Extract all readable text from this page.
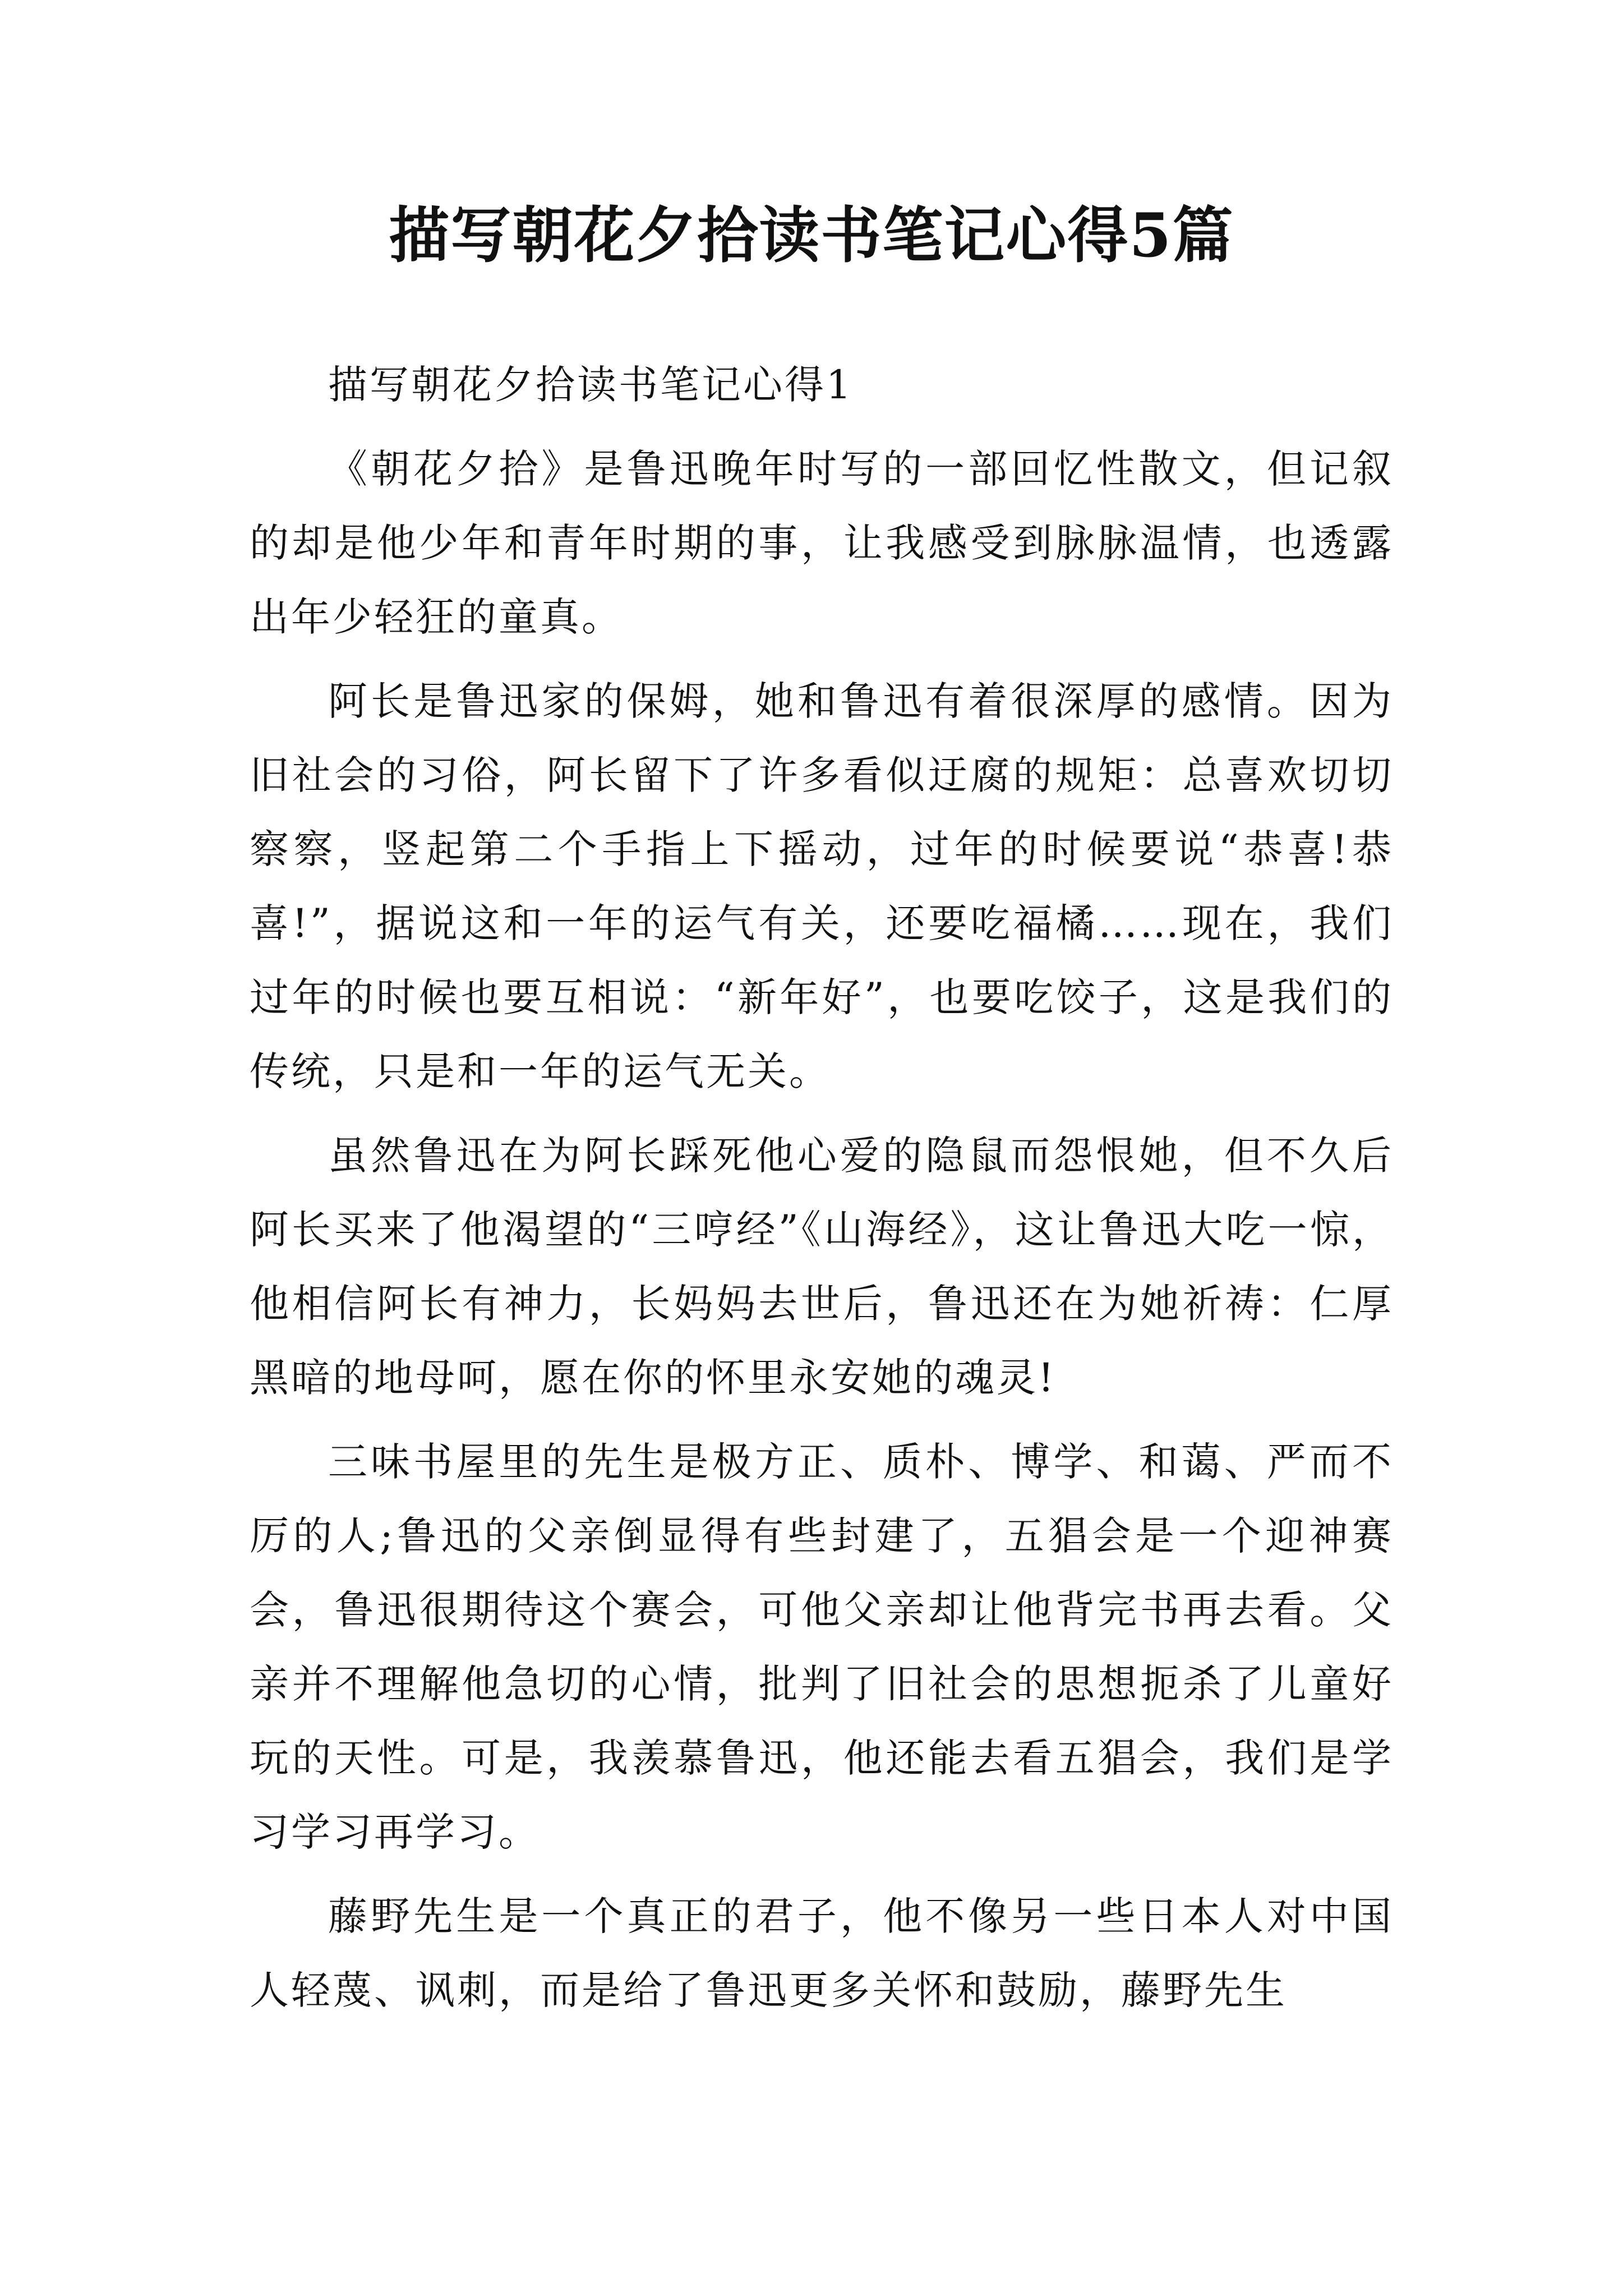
描写朝花夕拾读书笔记心得5篇

描写朝花夕拾读书笔记心得1

《朝花夕拾》是鲁迅晚年时写的一部回忆性散文，但记叙的却是他少年和青年时期的事，让我感受到脉脉温情，也透露出年少轻狂的童真。

阿长是鲁迅家的保姆，她和鲁迅有着很深厚的感情。因为旧社会的习俗，阿长留下了许多看似迂腐的规矩：总喜欢切切察察，竖起第二个手指上下摇动，过年的时候要说“恭喜!恭喜!”，据说这和一年的运气有关，还要吃福橘……现在，我们过年的时候也要互相说：“新年好”，也要吃饺子，这是我们的传统，只是和一年的运气无关。

虽然鲁迅在为阿长踩死他心爱的隐鼠而怨恨她，但不久后阿长买来了他渴望的“三哼经”《山海经》，这让鲁迅大吃一惊，他相信阿长有神力，长妈妈去世后，鲁迅还在为她祈祷：仁厚黑暗的地母呵，愿在你的怀里永安她的魂灵!

三味书屋里的先生是极方正、质朴、博学、和蔼、严而不厉的人;鲁迅的父亲倒显得有些封建了，五猖会是一个迎神赛会，鲁迅很期待这个赛会，可他父亲却让他背完书再去看。父亲并不理解他急切的心情，批判了旧社会的思想扼杀了儿童好玩的天性。可是，我羡慕鲁迅，他还能去看五猖会，我们是学习学习再学习。

藤野先生是一个真正的君子，他不像另一些日本人对中国人轻蔑、讽刺，而是给了鲁迅更多关怀和鼓励，藤野先生
